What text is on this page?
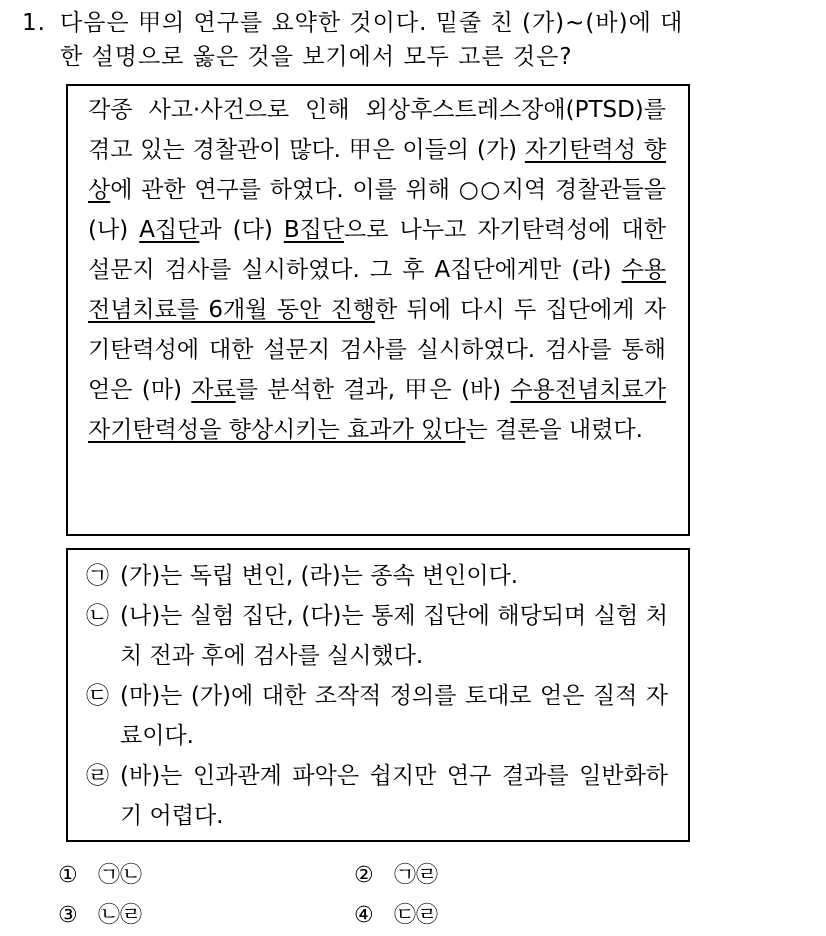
1. 다음은 甲의 연구를 요약한 것이다. 밑줄 친 (가)~(바)에 대
한 설명으로 옳은 것을 보기에서 모두 고른 것은?

각종 사고·사건으로 인해 외상후스트레스장애(PTSD)를 겪고 있는 경찰관이 많다. 甲은 이들의 (가) 자기탄력성 향상에 관한 연구를 하였다. 이를 위해 ○○지역 경찰관들을 (나) A집단과 (다) B집단으로 나누고 자기탄력성에 대한 설문지 검사를 실시하였다. 그 후 A집단에게만 (라) 수용전념치료를 6개월 동안 진행한 뒤에 다시 두 집단에게 자기탄력성에 대한 설문지 검사를 실시하였다. 검사를 통해 얻은 (마) 자료를 분석한 결과, 甲은 (바) 수용전념치료가 자기탄력성을 향상시키는 효과가 있다는 결론을 내렸다.

㉠ (가)는 독립 변인, (라)는 종속 변인이다.
㉡ (나)는 실험 집단, (다)는 통제 집단에 해당되며 실험 처치 전과 후에 검사를 실시했다.
㉢ (마)는 (가)에 대한 조작적 정의를 토대로 얻은 질적 자료이다.
㉣ (바)는 인과관계 파악은 쉽지만 연구 결과를 일반화하기 어렵다.
① ㉠㉡	② ㉠㉣
③ ㉡㉣	④ ㉢㉣
